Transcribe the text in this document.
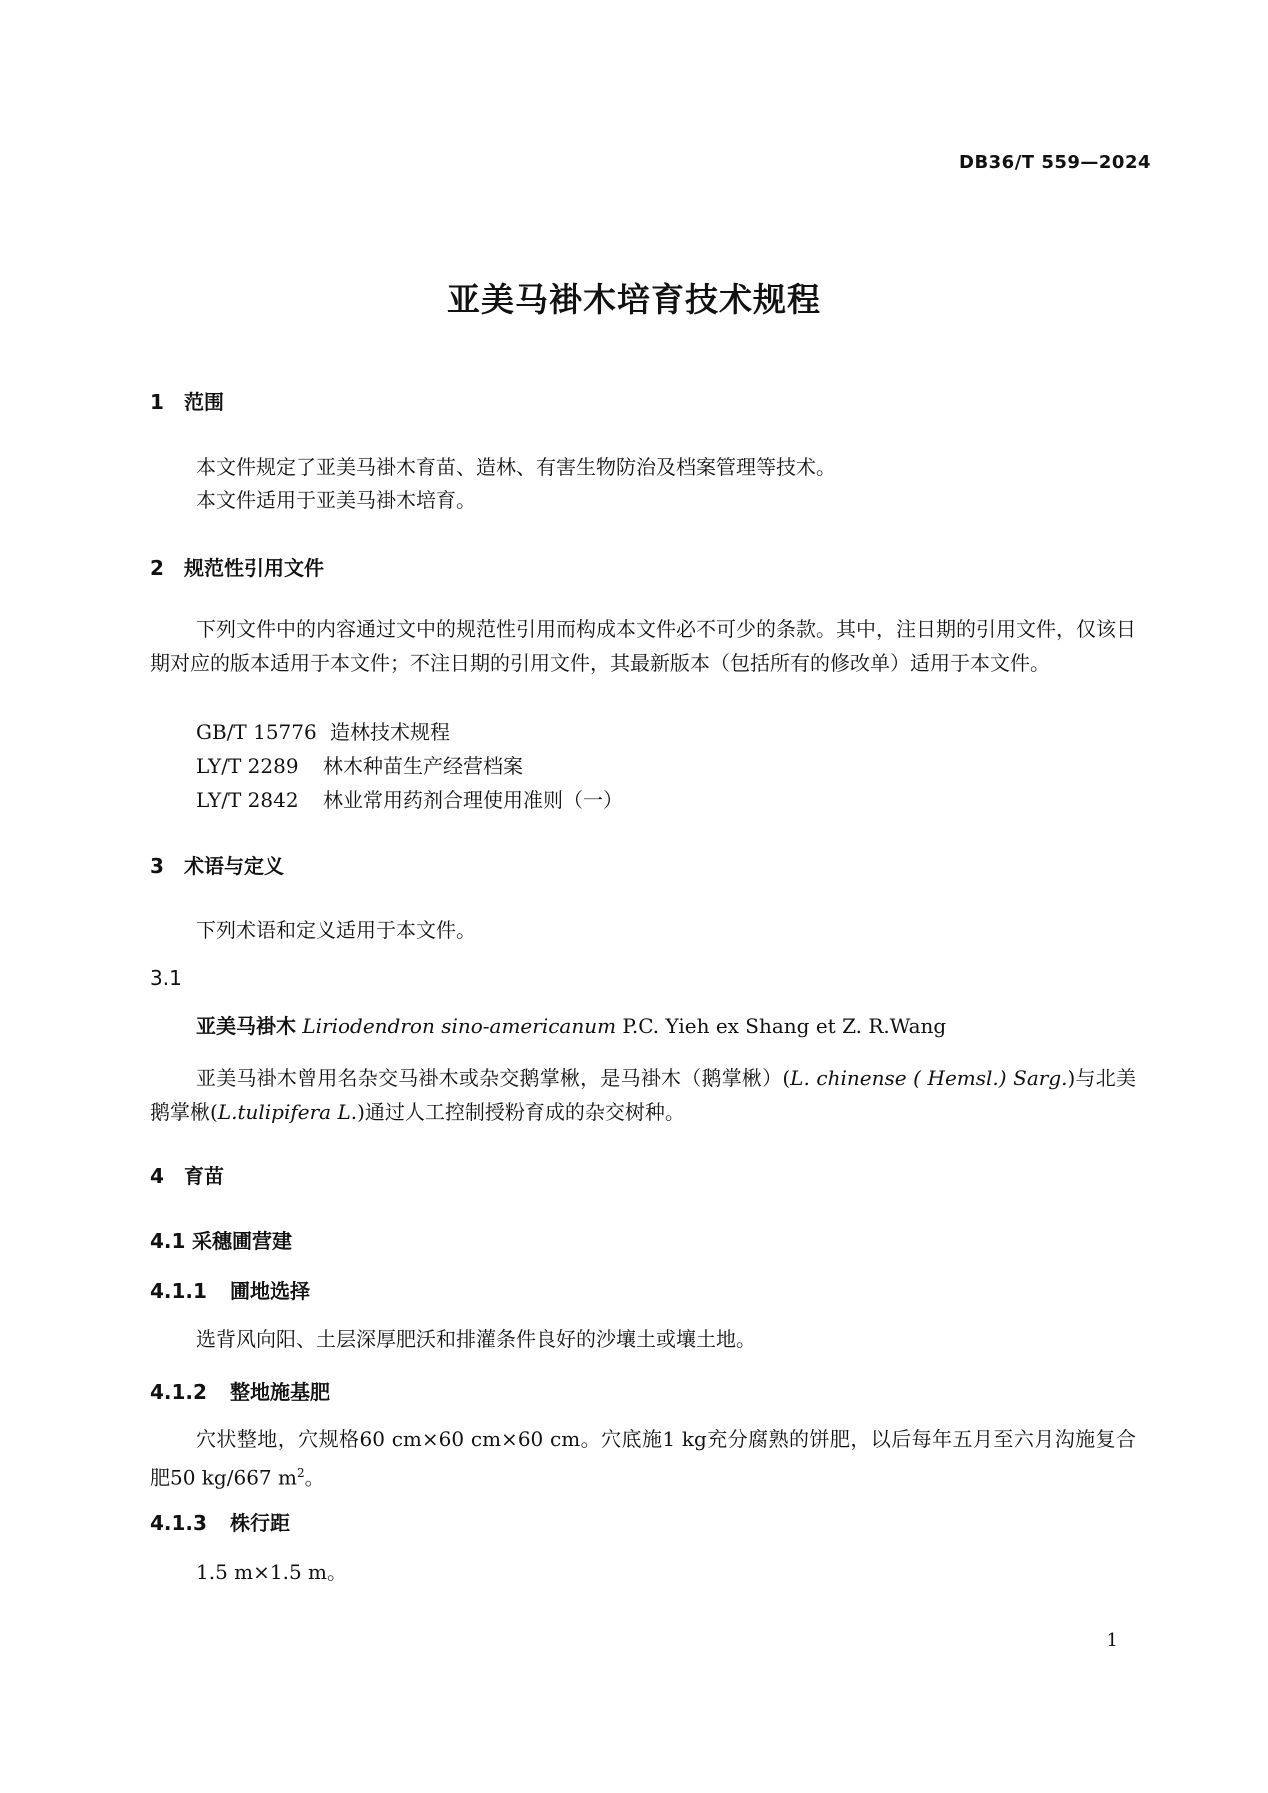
DB36/T 559—2024
亚美马褂木培育技术规程
1 范围
本文件规定了亚美马褂木育苗、造林、有害生物防治及档案管理等技术。
本文件适用于亚美马褂木培育。
2 规范性引用文件
下列文件中的内容通过文中的规范性引用而构成本文件必不可少的条款。其中，注日期的引用文件，仅该日期对应的版本适用于本文件；不注日期的引用文件，其最新版本（包括所有的修改单）适用于本文件。
GB/T 15776 造林技术规程
LY/T 2289 林木种苗生产经营档案
LY/T 2842 林业常用药剂合理使用准则（一）
3 术语与定义
下列术语和定义适用于本文件。
3.1
亚美马褂木 Liriodendron sino-americanum P.C. Yieh ex Shang et Z. R.Wang
亚美马褂木曾用名杂交马褂木或杂交鹅掌楸，是马褂木（鹅掌楸）(L. chinense ( Hemsl.) Sarg.)与北美鹅掌楸(L.tulipifera L.)通过人工控制授粉育成的杂交树种。
4 育苗
4.1 采穗圃营建
4.1.1 圃地选择
选背风向阳、土层深厚肥沃和排灌条件良好的沙壤土或壤土地。
4.1.2 整地施基肥
穴状整地，穴规格60 cm×60 cm×60 cm。穴底施1 kg充分腐熟的饼肥，以后每年五月至六月沟施复合肥50 kg/667 $m^2$。
4.1.3 株行距
1.5 m×1.5 m。
1
